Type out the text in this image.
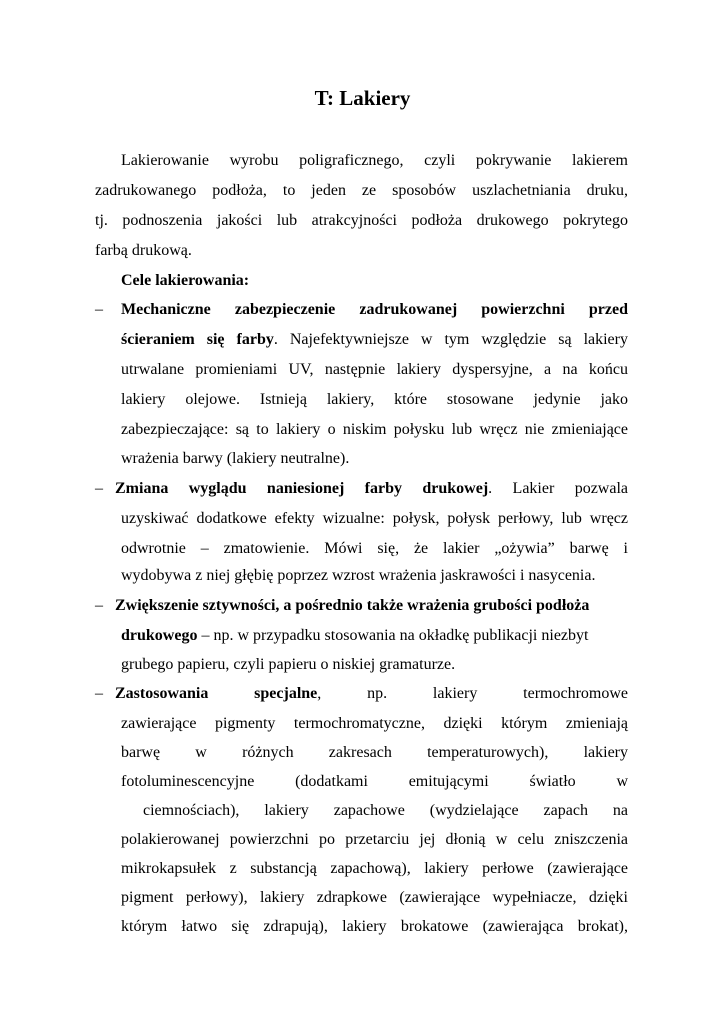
T: Lakiery
Lakierowanie wyrobu poligraficznego, czyli pokrywanie lakierem
zadrukowanego podłoża, to jeden ze sposobów uszlachetniania druku,
tj. podnoszenia jakości lub atrakcyjności podłoża drukowego pokrytego
farbą drukową.
Cele lakierowania:
– Mechaniczne zabezpieczenie zadrukowanej powierzchni przed
ścieraniem się farby. Najefektywniejsze w tym względzie są lakiery
utrwalane promieniami UV, następnie lakiery dyspersyjne, a na końcu
lakiery olejowe. Istnieją lakiery, które stosowane jedynie jako
zabezpieczające: są to lakiery o niskim połysku lub wręcz nie zmieniające
wrażenia barwy (lakiery neutralne).
– Zmiana wyglądu naniesionej farby drukowej. Lakier pozwala
uzyskiwać dodatkowe efekty wizualne: połysk, połysk perłowy, lub wręcz
odwrotnie – zmatowienie. Mówi się, że lakier „ożywia” barwę i
wydobywa z niej głębię poprzez wzrost wrażenia jaskrawości i nasycenia.
– Zwiększenie sztywności, a pośrednio także wrażenia grubości podłoża
drukowego – np. w przypadku stosowania na okładkę publikacji niezbyt
grubego papieru, czyli papieru o niskiej gramaturze.
– Zastosowania specjalne, np. lakiery termochromowe
zawierające pigmenty termochromatyczne, dzięki którym zmieniają
barwę w różnych zakresach temperaturowych), lakiery
fotoluminescencyjne (dodatkami emitującymi światło w
ciemnościach), lakiery zapachowe (wydzielające zapach na
polakierowanej powierzchni po przetarciu jej dłonią w celu zniszczenia
mikrokapsułek z substancją zapachową), lakiery perłowe (zawierające
pigment perłowy), lakiery zdrapkowe (zawierające wypełniacze, dzięki
którym łatwo się zdrapują), lakiery brokatowe (zawierająca brokat),
